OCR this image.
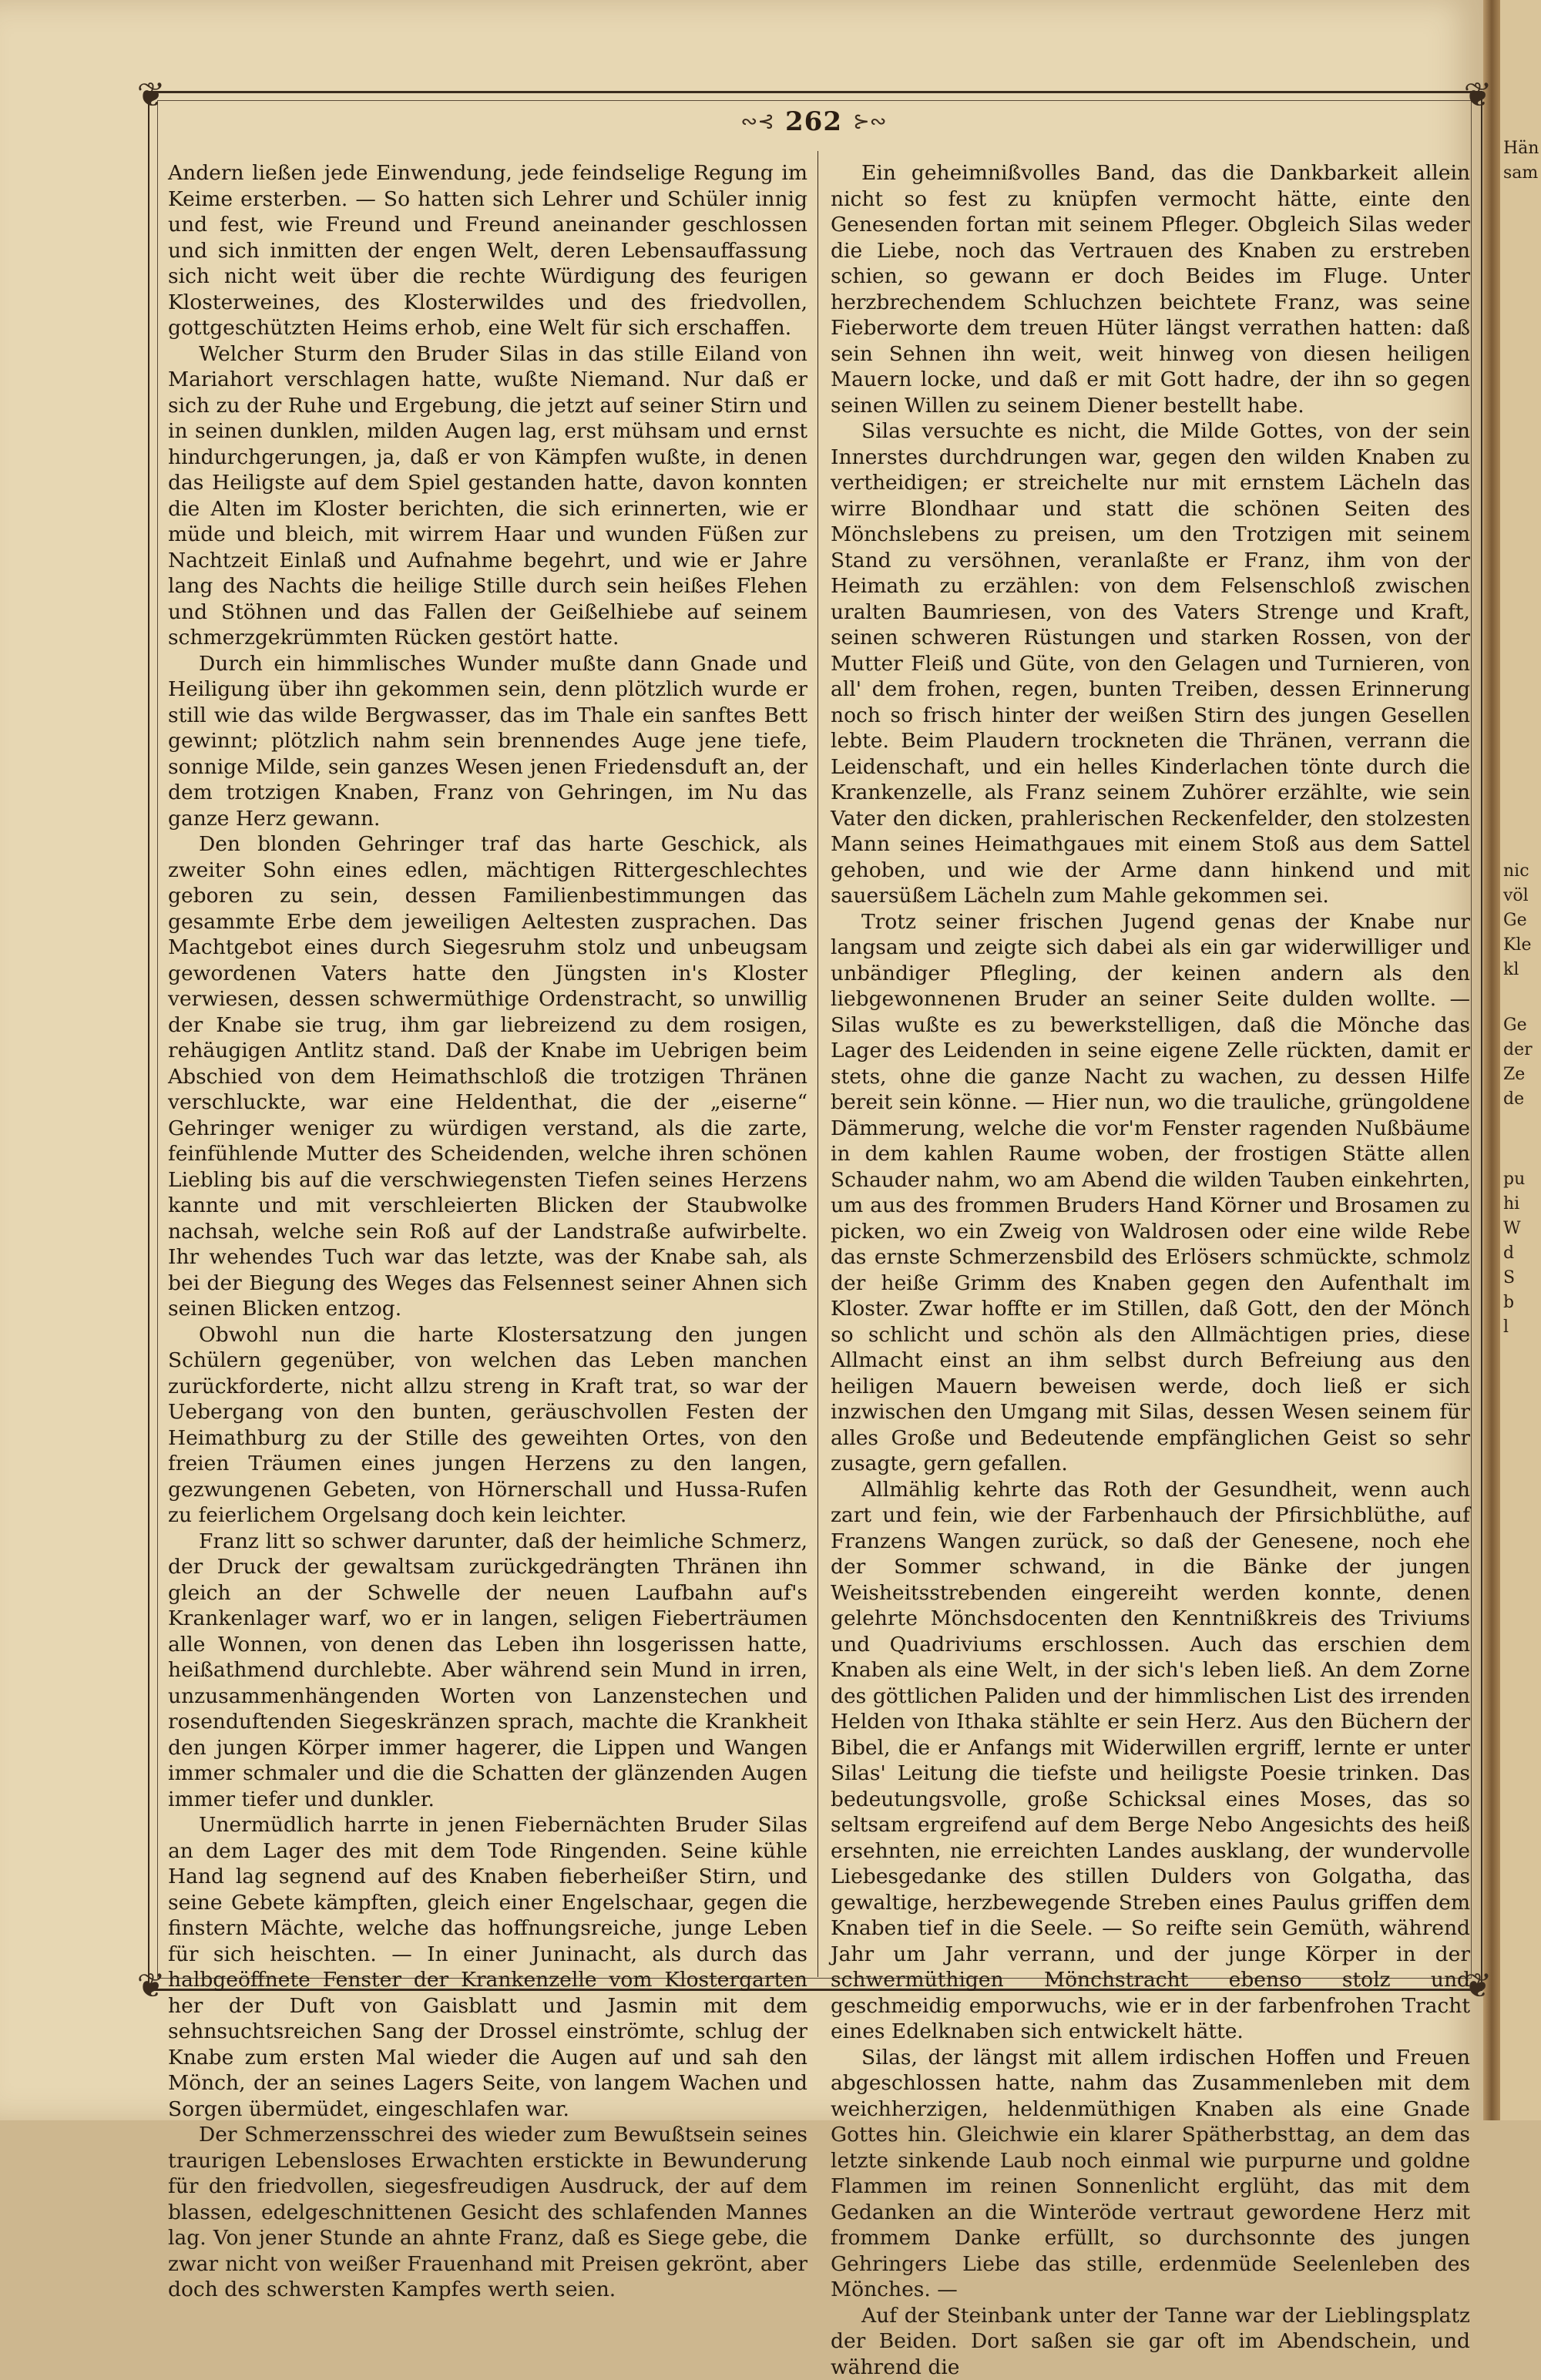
Hän
sam
nic
völ
Ge
Kle
kl
Ge
der
Ze
de
pu
hi
W
d
S
b
l
❦	❦
❦	❦
∾⊰ 262 ⊱∾

Andern ließen jede Einwendung, jede feindselige Regung im Keime ersterben. — So hatten sich Lehrer und Schüler innig und fest, wie Freund und Freund aneinander geschlossen und sich inmitten der engen Welt, deren Lebensauffassung sich nicht weit über die rechte Würdigung des feurigen Klosterweines, des Klosterwildes und des friedvollen, gottgeschützten Heims erhob, eine Welt für sich erschaffen.

Welcher Sturm den Bruder Silas in das stille Eiland von Mariahort verschlagen hatte, wußte Niemand. Nur daß er sich zu der Ruhe und Ergebung, die jetzt auf seiner Stirn und in seinen dunklen, milden Augen lag, erst mühsam und ernst hindurchgerungen, ja, daß er von Kämpfen wußte, in denen das Heiligste auf dem Spiel gestanden hatte, davon konnten die Alten im Kloster berichten, die sich erinnerten, wie er müde und bleich, mit wirrem Haar und wunden Füßen zur Nachtzeit Einlaß und Aufnahme begehrt, und wie er Jahre lang des Nachts die heilige Stille durch sein heißes Flehen und Stöhnen und das Fallen der Geißelhiebe auf seinem schmerzgekrümmten Rücken gestört hatte.

Durch ein himmlisches Wunder mußte dann Gnade und Heiligung über ihn gekommen sein, denn plötzlich wurde er still wie das wilde Bergwasser, das im Thale ein sanftes Bett gewinnt; plötzlich nahm sein brennendes Auge jene tiefe, sonnige Milde, sein ganzes Wesen jenen Friedensduft an, der dem trotzigen Knaben, Franz von Gehringen, im Nu das ganze Herz gewann.

Den blonden Gehringer traf das harte Geschick, als zweiter Sohn eines edlen, mächtigen Rittergeschlechtes geboren zu sein, dessen Familienbestimmungen das gesammte Erbe dem jeweiligen Aeltesten zusprachen. Das Machtgebot eines durch Siegesruhm stolz und unbeugsam gewordenen Vaters hatte den Jüngsten in's Kloster verwiesen, dessen schwermüthige Ordenstracht, so unwillig der Knabe sie trug, ihm gar liebreizend zu dem rosigen, rehäugigen Antlitz stand. Daß der Knabe im Uebrigen beim Abschied von dem Heimathschloß die trotzigen Thränen verschluckte, war eine Heldenthat, die der „eiserne“ Gehringer weniger zu würdigen verstand, als die zarte, feinfühlende Mutter des Scheidenden, welche ihren schönen Liebling bis auf die verschwiegensten Tiefen seines Herzens kannte und mit verschleierten Blicken der Staubwolke nachsah, welche sein Roß auf der Landstraße aufwirbelte. Ihr wehendes Tuch war das letzte, was der Knabe sah, als bei der Biegung des Weges das Felsennest seiner Ahnen sich seinen Blicken entzog.

Obwohl nun die harte Klostersatzung den jungen Schülern gegenüber, von welchen das Leben manchen zurückforderte, nicht allzu streng in Kraft trat, so war der Uebergang von den bunten, geräuschvollen Festen der Heimathburg zu der Stille des geweihten Ortes, von den freien Träumen eines jungen Herzens zu den langen, gezwungenen Gebeten, von Hörnerschall und Hussa-Rufen zu feierlichem Orgelsang doch kein leichter.

Franz litt so schwer darunter, daß der heimliche Schmerz, der Druck der gewaltsam zurückgedrängten Thränen ihn gleich an der Schwelle der neuen Laufbahn auf's Krankenlager warf, wo er in langen, seligen Fieberträumen alle Wonnen, von denen das Leben ihn losgerissen hatte, heißathmend durchlebte. Aber während sein Mund in irren, unzusammenhängenden Worten von Lanzenstechen und rosenduftenden Siegeskränzen sprach, machte die Krankheit den jungen Körper immer hagerer, die Lippen und Wangen immer schmaler und die die Schatten der glänzenden Augen immer tiefer und dunkler.

Unermüdlich harrte in jenen Fiebernächten Bruder Silas an dem Lager des mit dem Tode Ringenden. Seine kühle Hand lag segnend auf des Knaben fieberheißer Stirn, und seine Gebete kämpften, gleich einer Engelschaar, gegen die finstern Mächte, welche das hoffnungsreiche, junge Leben für sich heischten. — In einer Juninacht, als durch das halbgeöffnete Fenster der Krankenzelle vom Klostergarten her der Duft von Gaisblatt und Jasmin mit dem sehnsuchtsreichen Sang der Drossel einströmte, schlug der Knabe zum ersten Mal wieder die Augen auf und sah den Mönch, der an seines Lagers Seite, von langem Wachen und Sorgen übermüdet, eingeschlafen war.

Der Schmerzensschrei des wieder zum Bewußtsein seines traurigen Lebensloses Erwachten erstickte in Bewunderung für den friedvollen, siegesfreudigen Ausdruck, der auf dem blassen, edelgeschnittenen Gesicht des schlafenden Mannes lag. Von jener Stunde an ahnte Franz, daß es Siege gebe, die zwar nicht von weißer Frauenhand mit Preisen gekrönt, aber doch des schwersten Kampfes werth seien.

Ein geheimnißvolles Band, das die Dankbarkeit allein nicht so fest zu knüpfen vermocht hätte, einte den Genesenden fortan mit seinem Pfleger. Obgleich Silas weder die Liebe, noch das Vertrauen des Knaben zu erstreben schien, so gewann er doch Beides im Fluge. Unter herzbrechendem Schluchzen beichtete Franz, was seine Fieberworte dem treuen Hüter längst verrathen hatten: daß sein Sehnen ihn weit, weit hinweg von diesen heiligen Mauern locke, und daß er mit Gott hadre, der ihn so gegen seinen Willen zu seinem Diener bestellt habe.

Silas versuchte es nicht, die Milde Gottes, von der sein Innerstes durchdrungen war, gegen den wilden Knaben zu vertheidigen; er streichelte nur mit ernstem Lächeln das wirre Blondhaar und statt die schönen Seiten des Mönchslebens zu preisen, um den Trotzigen mit seinem Stand zu versöhnen, veranlaßte er Franz, ihm von der Heimath zu erzählen: von dem Felsenschloß zwischen uralten Baumriesen, von des Vaters Strenge und Kraft, seinen schweren Rüstungen und starken Rossen, von der Mutter Fleiß und Güte, von den Gelagen und Turnieren, von all' dem frohen, regen, bunten Treiben, dessen Erinnerung noch so frisch hinter der weißen Stirn des jungen Gesellen lebte. Beim Plaudern trockneten die Thränen, verrann die Leidenschaft, und ein helles Kinderlachen tönte durch die Krankenzelle, als Franz seinem Zuhörer erzählte, wie sein Vater den dicken, prahlerischen Reckenfelder, den stolzesten Mann seines Heimathgaues mit einem Stoß aus dem Sattel gehoben, und wie der Arme dann hinkend und mit sauersüßem Lächeln zum Mahle gekommen sei.

Trotz seiner frischen Jugend genas der Knabe nur langsam und zeigte sich dabei als ein gar widerwilliger und unbändiger Pflegling, der keinen andern als den liebgewonnenen Bruder an seiner Seite dulden wollte. — Silas wußte es zu bewerkstelligen, daß die Mönche das Lager des Leidenden in seine eigene Zelle rückten, damit er stets, ohne die ganze Nacht zu wachen, zu dessen Hilfe bereit sein könne. — Hier nun, wo die trauliche, grüngoldene Dämmerung, welche die vor'm Fenster ragenden Nußbäume in dem kahlen Raume woben, der frostigen Stätte allen Schauder nahm, wo am Abend die wilden Tauben einkehrten, um aus des frommen Bruders Hand Körner und Brosamen zu picken, wo ein Zweig von Waldrosen oder eine wilde Rebe das ernste Schmerzensbild des Erlösers schmückte, schmolz der heiße Grimm des Knaben gegen den Aufenthalt im Kloster. Zwar hoffte er im Stillen, daß Gott, den der Mönch so schlicht und schön als den Allmächtigen pries, diese Allmacht einst an ihm selbst durch Befreiung aus den heiligen Mauern beweisen werde, doch ließ er sich inzwischen den Umgang mit Silas, dessen Wesen seinem für alles Große und Bedeutende empfänglichen Geist so sehr zusagte, gern gefallen.

Allmählig kehrte das Roth der Gesundheit, wenn auch zart und fein, wie der Farbenhauch der Pfirsichblüthe, auf Franzens Wangen zurück, so daß der Genesene, noch ehe der Sommer schwand, in die Bänke der jungen Weisheitsstrebenden eingereiht werden konnte, denen gelehrte Mönchsdocenten den Kenntnißkreis des Triviums und Quadriviums erschlossen. Auch das erschien dem Knaben als eine Welt, in der sich's leben ließ. An dem Zorne des göttlichen Paliden und der himmlischen List des irrenden Helden von Ithaka stählte er sein Herz. Aus den Büchern der Bibel, die er Anfangs mit Widerwillen ergriff, lernte er unter Silas' Leitung die tiefste und heiligste Poesie trinken. Das bedeutungsvolle, große Schicksal eines Moses, das so seltsam ergreifend auf dem Berge Nebo Angesichts des heiß ersehnten, nie erreichten Landes ausklang, der wundervolle Liebesgedanke des stillen Dulders von Golgatha, das gewaltige, herzbewegende Streben eines Paulus griffen dem Knaben tief in die Seele. — So reifte sein Gemüth, während Jahr um Jahr verrann, und der junge Körper in der schwermüthigen Mönchstracht ebenso stolz und geschmeidig emporwuchs, wie er in der farbenfrohen Tracht eines Edelknaben sich entwickelt hätte.

Silas, der längst mit allem irdischen Hoffen und Freuen abgeschlossen hatte, nahm das Zusammenleben mit dem weichherzigen, heldenmüthigen Knaben als eine Gnade Gottes hin. Gleichwie ein klarer Spätherbsttag, an dem das letzte sinkende Laub noch einmal wie purpurne und goldne Flammen im reinen Sonnenlicht erglüht, das mit dem Gedanken an die Winteröde vertraut gewordene Herz mit frommem Danke erfüllt, so durchsonnte des jungen Gehringers Liebe das stille, erdenmüde Seelenleben des Mönches. —

Auf der Steinbank unter der Tanne war der Lieblingsplatz der Beiden. Dort saßen sie gar oft im Abendschein, und während die
